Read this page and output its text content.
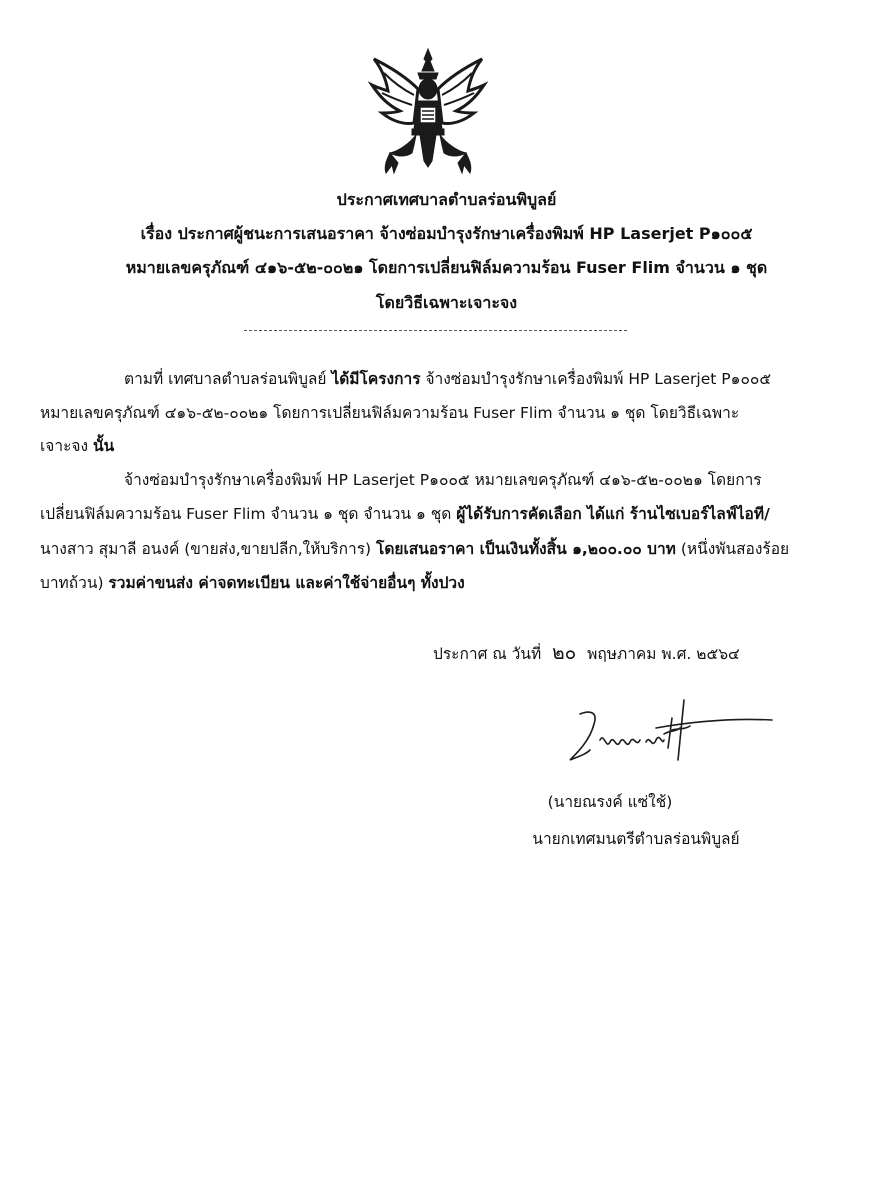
ประกาศเทศบาลตำบลร่อนพิบูลย์
เรื่อง ประกาศผู้ชนะการเสนอราคา จ้างซ่อมบำรุงรักษาเครื่องพิมพ์ HP Laserjet P๑๐๐๕
หมายเลขครุภัณฑ์ ๔๑๖-๕๒-๐๐๒๑ โดยการเปลี่ยนฟิล์มความร้อน Fuser Flim จำนวน ๑ ชุด
โดยวิธีเฉพาะเจาะจง
ตามที่ เทศบาลตำบลร่อนพิบูลย์ ได้มีโครงการ จ้างซ่อมบำรุงรักษาเครื่องพิมพ์ HP Laserjet P๑๐๐๕
หมายเลขครุภัณฑ์ ๔๑๖-๕๒-๐๐๒๑ โดยการเปลี่ยนฟิล์มความร้อน Fuser Flim จำนวน ๑ ชุด โดยวิธีเฉพาะ
เจาะจง นั้น
จ้างซ่อมบำรุงรักษาเครื่องพิมพ์ HP Laserjet P๑๐๐๕ หมายเลขครุภัณฑ์ ๔๑๖-๕๒-๐๐๒๑ โดยการ
เปลี่ยนฟิล์มความร้อน Fuser Flim จำนวน ๑ ชุด จำนวน ๑ ชุด ผู้ได้รับการคัดเลือก ได้แก่ ร้านไซเบอร์ไลฟ์ไอที/
นางสาว สุมาลี อนงค์ (ขายส่ง,ขายปลีก,ให้บริการ) โดยเสนอราคา เป็นเงินทั้งสิ้น ๑,๒๐๐.๐๐ บาท (หนึ่งพันสองร้อย
บาทถ้วน) รวมค่าขนส่ง ค่าจดทะเบียน และค่าใช้จ่ายอื่นๆ ทั้งปวง
ประกาศ ณ วันที่ ๒๐ พฤษภาคม พ.ศ. ๒๕๖๔
(นายณรงค์ แซ่ใช้)
นายกเทศมนตรีตำบลร่อนพิบูลย์
